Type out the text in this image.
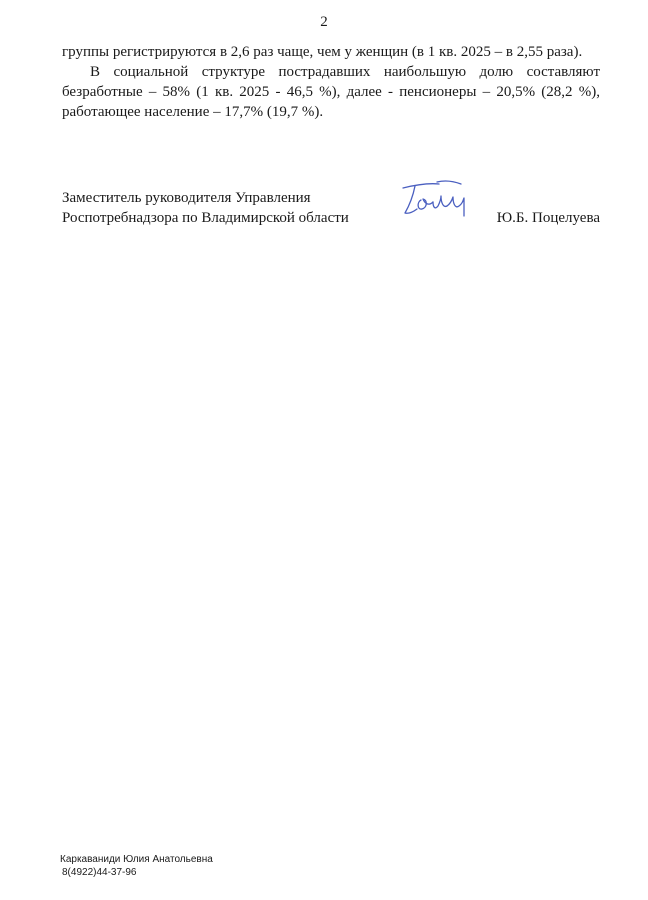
2

группы регистрируются в 2,6 раз чаще, чем у женщин (в 1 кв. 2025 – в 2,55 раза).

В социальной структуре пострадавших наибольшую долю составляют безработные – 58% (1 кв. 2025 - 46,5 %), далее - пенсионеры – 20,5% (28,2 %), работающее население – 17,7% (19,7 %).

Заместитель руководителя Управления
Роспотребнадзора по Владимирской области	Ю.Б. Поцелуева
Каркаваниди Юлия Анатольевна
8(4922)44-37-96
